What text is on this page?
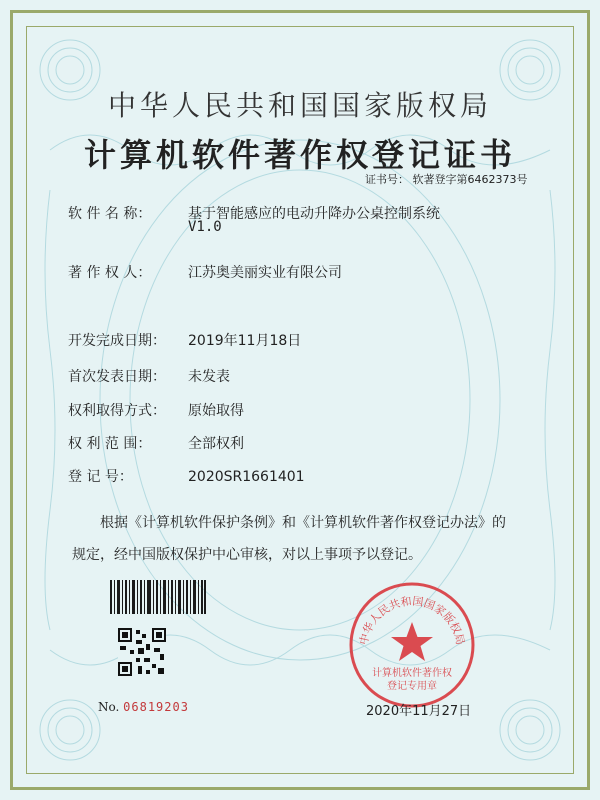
中华人民共和国国家版权局
计算机软件著作权登记证书
证书号： 软著登字第6462373号
软 件 名 称：	基于智能感应的电动升降办公桌控制系统
V1.0
著 作 权 人：	江苏奥美丽实业有限公司
开发完成日期： 2019年11月18日
首次发表日期： 未发表
权利取得方式： 原始取得
权 利 范 围：	全部权利
登 记 号：	2020SR1661401
根据《计算机软件保护条例》和《计算机软件著作权登记办法》的
规定，经中国版权保护中心审核，对以上事项予以登记。
No. 06819203
中华人民共和国国家版权局
计算机软件著作权
登记专用章
2020年11月27日
